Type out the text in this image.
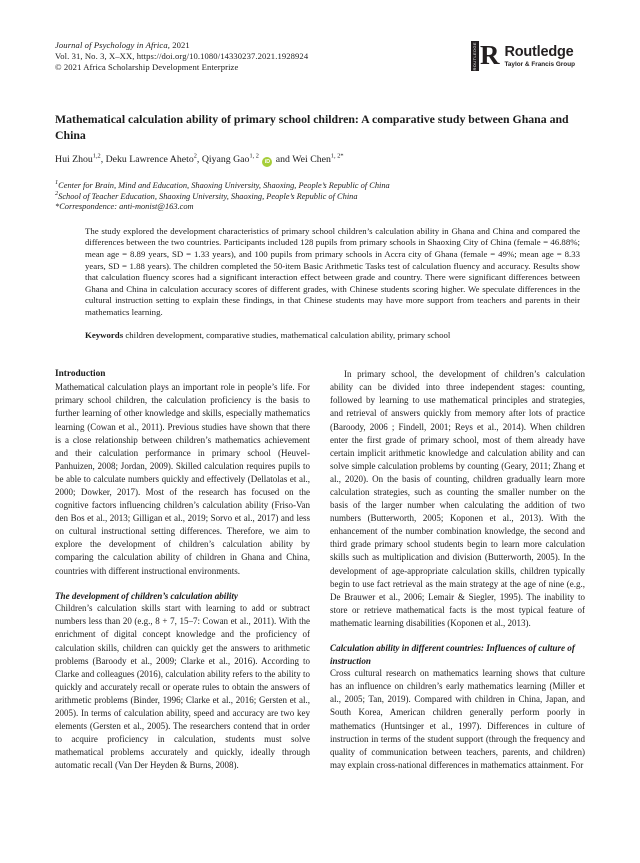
Journal of Psychology in Africa, 2021
Vol. 31, No. 3, X–XX, https://doi.org/10.1080/14330237.2021.1928924
© 2021 Africa Scholarship Development Enterprize	ROUTLEDGE R Routledge
Taylor & Francis Group
Mathematical calculation ability of primary school children: A comparative study between Ghana and China
Hui Zhou$^{1,2}$, Deku Lawrence Aheto$^2$, Qiyang Gao$^{1, 2}$ iD and Wei Chen$^{1, 2*}$
$^1$Center for Brain, Mind and Education, Shaoxing University, Shaoxing, People’s Republic of China
$^2$School of Teacher Education, Shaoxing University, Shaoxing, People’s Republic of China
*Correspondence: anti-monist@163.com

The study explored the development characteristics of primary school children’s calculation ability in Ghana and China and compared the differences between the two countries. Participants included 128 pupils from primary schools in Shaoxing City of China (female = 46.88%; mean age = 8.89 years, SD = 1.33 years), and 100 pupils from primary schools in Accra city of Ghana (female = 49%; mean age = 8.33 years, SD = 1.88 years). The children completed the 50-item Basic Arithmetic Tasks test of calculation fluency and accuracy. Results show that calculation fluency scores had a significant interaction effect between grade and country. There were significant differences between Ghana and China in calculation accuracy scores of different grades, with Chinese students scoring higher. We speculate differences in the cultural instruction setting to explain these findings, in that Chinese students may have more support from teachers and parents in their mathematics learning.

Keywords children development, comparative studies, mathematical calculation ability, primary school

Introduction

Mathematical calculation plays an important role in people’s life. For primary school children, the calculation proficiency is the basis to further learning of other knowledge and skills, especially mathematics learning (Cowan et al., 2011). Previous studies have shown that there is a close relationship between children’s mathematics achievement and their calculation performance in primary school (Heuvel-Panhuizen, 2008; Jordan, 2009). Skilled calculation requires pupils to be able to calculate numbers quickly and effectively (Dellatolas et al., 2000; Dowker, 2017). Most of the research has focused on the cognitive factors influencing children’s calculation ability (Friso-Van den Bos et al., 2013; Gilligan et al., 2019; Sorvo et al., 2017) and less on cultural instructional setting differences. Therefore, we aim to explore the development of children’s calculation ability by comparing the calculation ability of children in Ghana and China, countries with different instructional environments.

The development of children’s calculation ability

Children’s calculation skills start with learning to add or subtract numbers less than 20 (e.g., 8 + 7, 15–7: Cowan et al., 2011). With the enrichment of digital concept knowledge and the proficiency of calculation skills, children can quickly get the answers to arithmetic problems (Baroody et al., 2009; Clarke et al., 2016). According to Clarke and colleagues (2016), calculation ability refers to the ability to quickly and accurately recall or operate rules to obtain the answers of arithmetic problems (Binder, 1996; Clarke et al., 2016; Gersten et al., 2005). In terms of calculation ability, speed and accuracy are two key elements (Gersten et al., 2005). The researchers contend that in order to acquire proficiency in calculation, students must solve mathematical problems accurately and quickly, ideally through automatic recall (Van Der Heyden & Burns, 2008).

In primary school, the development of children’s calculation ability can be divided into three independent stages: counting, followed by learning to use mathematical principles and strategies, and retrieval of answers quickly from memory after lots of practice (Baroody, 2006 ; Findell, 2001; Reys et al., 2014). When children enter the first grade of primary school, most of them already have certain implicit arithmetic knowledge and calculation ability and can solve simple calculation problems by counting (Geary, 2011; Zhang et al., 2020). On the basis of counting, children gradually learn more calculation strategies, such as counting the smaller number on the basis of the larger number when calculating the addition of two numbers (Butterworth, 2005; Koponen et al., 2013). With the enhancement of the number combination knowledge, the second and third grade primary school students begin to learn more calculation skills such as multiplication and division (Butterworth, 2005). In the development of age-appropriate calculation skills, children typically begin to use fact retrieval as the main strategy at the age of nine (e.g., De Brauwer et al., 2006; Lemair & Siegler, 1995). The inability to store or retrieve mathematical facts is the most typical feature of mathematic learning disabilities (Koponen et al., 2013).

Calculation ability in different countries: Influences of culture of instruction

Cross cultural research on mathematics learning shows that culture has an influence on children’s early mathematics learning (Miller et al., 2005; Tan, 2019). Compared with children in China, Japan, and South Korea, American children generally perform poorly in mathematics (Huntsinger et al., 1997). Differences in culture of instruction in terms of the student support (through the frequency and quality of communication between teachers, parents, and children) may explain cross-national differences in mathematics attainment. For
